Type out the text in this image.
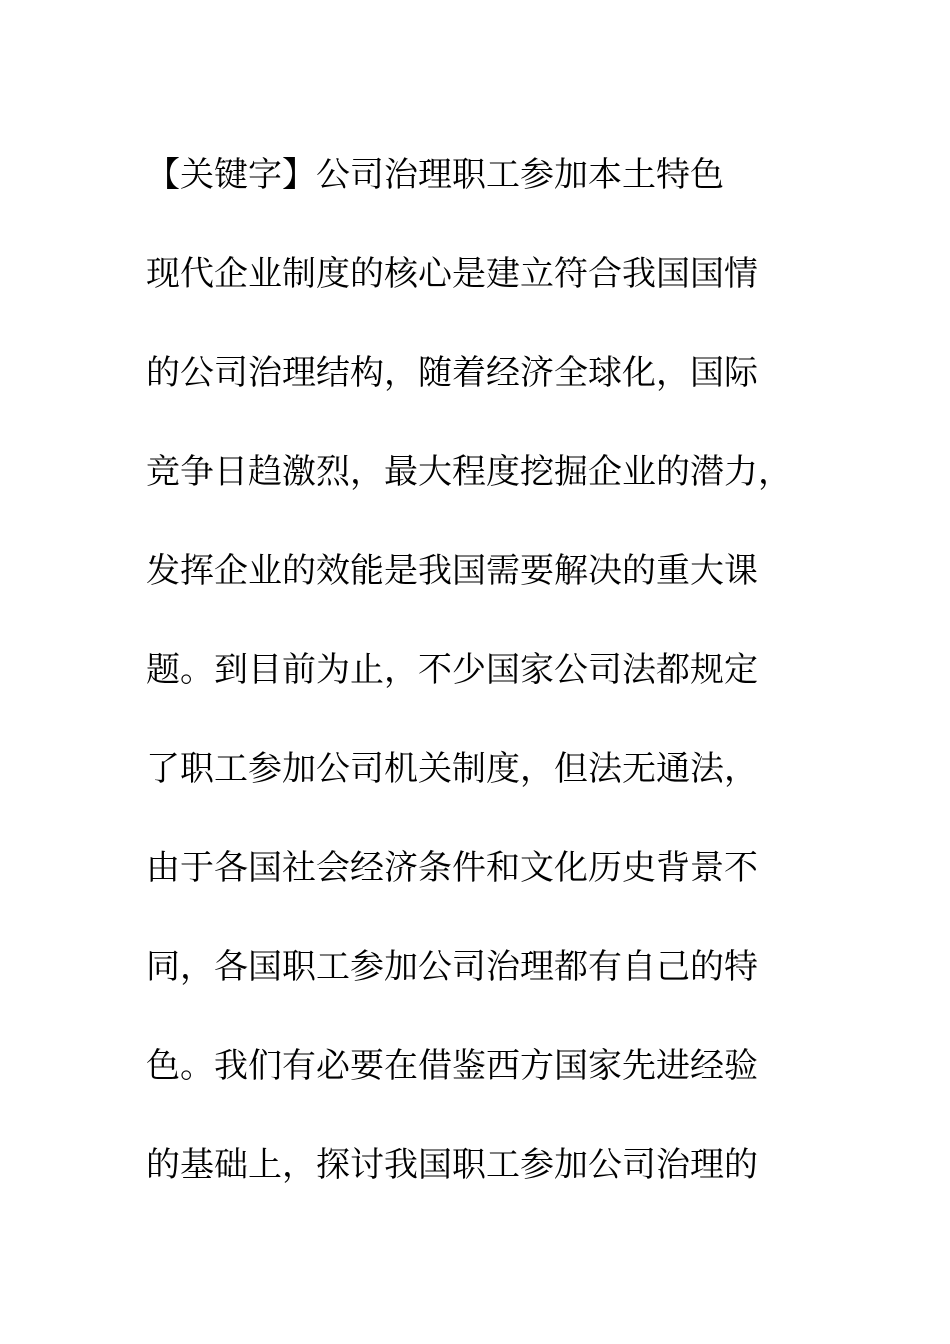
【关键字】公司治理职工参加本土特色
现代企业制度的核心是建立符合我国国情
的公司治理结构，随着经济全球化，国际
竞争日趋激烈，最大程度挖掘企业的潜力，
发挥企业的效能是我国需要解决的重大课
题。到目前为止，不少国家公司法都规定
了职工参加公司机关制度，但法无通法，
由于各国社会经济条件和文化历史背景不
同，各国职工参加公司治理都有自己的特
色。我们有必要在借鉴西方国家先进经验
的基础上，探讨我国职工参加公司治理的
